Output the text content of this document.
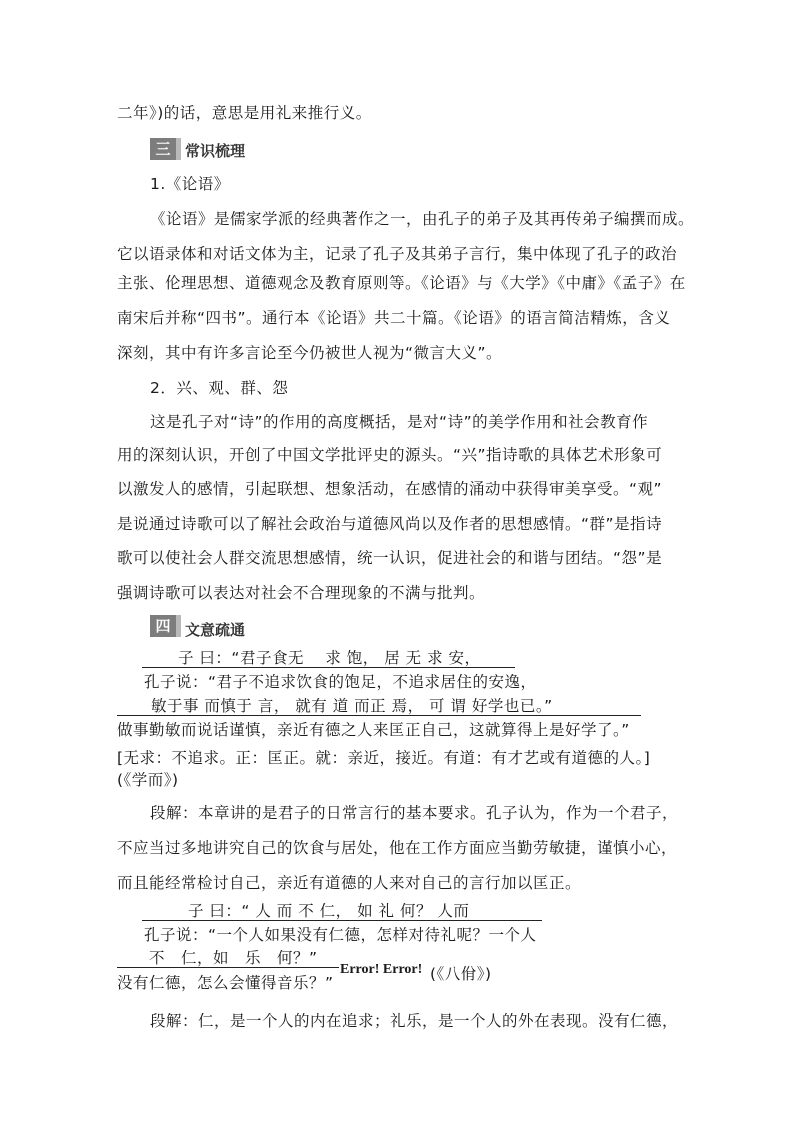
二年》)的话，意思是用礼来推行义。
三 常识梳理
1.《论语》
《论语》是儒家学派的经典著作之一，由孔子的弟子及其再传弟子编撰而成。
它以语录体和对话文体为主，记录了孔子及其弟子言行，集中体现了孔子的政治
主张、伦理思想、道德观念及教育原则等。《论语》与《大学》《中庸》《孟子》在
南宋后并称“四书”。通行本《论语》共二十篇。《论语》的语言简洁精炼，含义
深刻，其中有许多言论至今仍被世人视为“微言大义”。
2．兴、观、群、怨
这是孔子对“诗”的作用的高度概括，是对“诗”的美学作用和社会教育作
用的深刻认识，开创了中国文学批评史的源头。“兴”指诗歌的具体艺术形象可
以激发人的感情，引起联想、想象活动，在感情的涌动中获得审美享受。“观”
是说通过诗歌可以了解社会政治与道德风尚以及作者的思想感情。“群”是指诗
歌可以使社会人群交流思想感情，统一认识，促进社会的和谐与团结。“怨”是
强调诗歌可以表达对社会不合理现象的不满与批判。
四 文意疏通
子 曰：“君子食无　 求 饱， 居 无 求 安，
孔子说：“君子不追求饮食的饱足，不追求居住的安逸，
敏于事 而慎于 言， 就有 道 而正 焉， 可 谓 好学也已。”
做事勤敏而说话谨慎，亲近有德之人来匡正自己，这就算得上是好学了。”
[无求：不追求。正：匡正。就：亲近，接近。有道：有才艺或有道德的人。]
(《学而》)
段解：本章讲的是君子的日常言行的基本要求。孔子认为，作为一个君子，
不应当过多地讲究自己的饮食与居处，他在工作方面应当勤劳敏捷，谨慎小心，
而且能经常检讨自己，亲近有道德的人来对自己的言行加以匡正。
子 曰：“ 人 而 不 仁， 如 礼 何？ 人而
孔子说：“一个人如果没有仁德，怎样对待礼呢？一个人
不　仁，如　乐　何？”
没有仁德，怎么会懂得音乐？”
Error! Error! (《八佾》)
段解：仁，是一个人的内在追求；礼乐，是一个人的外在表现。没有仁德，
